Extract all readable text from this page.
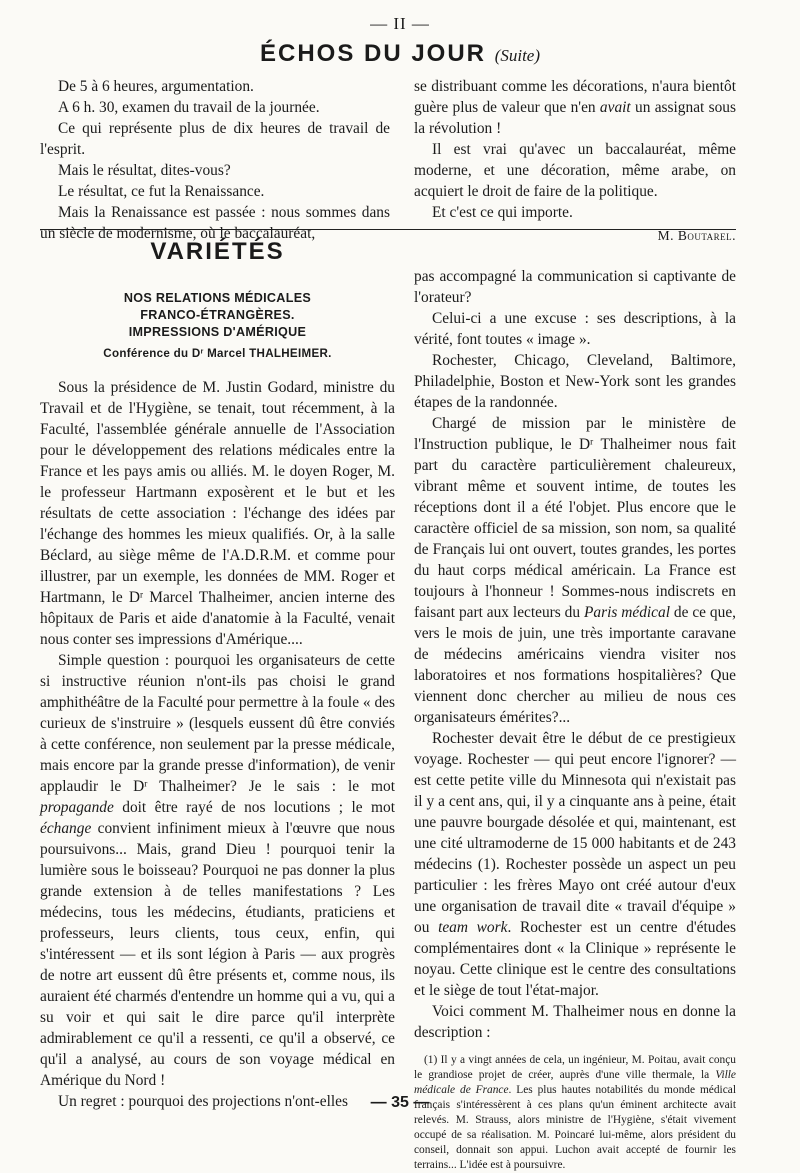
— II —
ÉCHOS DU JOUR (Suite)

De 5 à 6 heures, argumentation.

A 6 h. 30, examen du travail de la journée.

Ce qui représente plus de dix heures de travail de l'esprit.

Mais le résultat, dites-vous?

Le résultat, ce fut la Renaissance.

Mais la Renaissance est passée : nous sommes dans un siècle de modernisme, où le baccalauréat,

se distribuant comme les décorations, n'aura bientôt guère plus de valeur que n'en avait un assignat sous la révolution !

Il est vrai qu'avec un baccalauréat, même moderne, et une décoration, même arabe, on acquiert le droit de faire de la politique.

Et c'est ce qui importe.

M. Boutarel.
VARIÉTÉS
NOS RELATIONS MÉDICALES
FRANCO-ÉTRANGÈRES.
IMPRESSIONS D'AMÉRIQUE
Conférence du $D^r$ Marcel THALHEIMER.

Sous la présidence de M. Justin Godard, ministre du Travail et de l'Hygiène, se tenait, tout récemment, à la Faculté, l'assemblée générale annuelle de l'Association pour le développement des relations médicales entre la France et les pays amis ou alliés. M. le doyen Roger, M. le professeur Hartmann exposèrent et le but et les résultats de cette association : l'échange des idées par l'échange des hommes les mieux qualifiés. Or, à la salle Béclard, au siège même de l'A.D.R.M. et comme pour illustrer, par un exemple, les données de MM. Roger et Hartmann, le $D^r$ Marcel Thalheimer, ancien interne des hôpitaux de Paris et aide d'anatomie à la Faculté, venait nous conter ses impressions d'Amérique....

Simple question : pourquoi les organisateurs de cette si instructive réunion n'ont-ils pas choisi le grand amphithéâtre de la Faculté pour permettre à la foule « des curieux de s'instruire » (lesquels eussent dû être conviés à cette conférence, non seulement par la presse médicale, mais encore par la grande presse d'information), de venir applaudir le $D^r$ Thalheimer? Je le sais : le mot propagande doit être rayé de nos locutions ; le mot échange convient infiniment mieux à l'œuvre que nous poursuivons... Mais, grand Dieu ! pourquoi tenir la lumière sous le boisseau? Pourquoi ne pas donner la plus grande extension à de telles manifestations ? Les médecins, tous les médecins, étudiants, praticiens et professeurs, leurs clients, tous ceux, enfin, qui s'intéressent — et ils sont légion à Paris — aux progrès de notre art eussent dû être présents et, comme nous, ils auraient été charmés d'entendre un homme qui a vu, qui a su voir et qui sait le dire parce qu'il interprète admirablement ce qu'il a ressenti, ce qu'il a observé, ce qu'il a analysé, au cours de son voyage médical en Amérique du Nord !

Un regret : pourquoi des projections n'ont-elles

pas accompagné la communication si captivante de l'orateur?

Celui-ci a une excuse : ses descriptions, à la vérité, font toutes « image ».

Rochester, Chicago, Cleveland, Baltimore, Philadelphie, Boston et New-York sont les grandes étapes de la randonnée.

Chargé de mission par le ministère de l'Instruction publique, le $D^r$ Thalheimer nous fait part du caractère particulièrement chaleureux, vibrant même et souvent intime, de toutes les réceptions dont il a été l'objet. Plus encore que le caractère officiel de sa mission, son nom, sa qualité de Français lui ont ouvert, toutes grandes, les portes du haut corps médical américain. La France est toujours à l'honneur ! Sommes-nous indiscrets en faisant part aux lecteurs du Paris médical de ce que, vers le mois de juin, une très importante caravane de médecins américains viendra visiter nos laboratoires et nos formations hospitalières? Que viennent donc chercher au milieu de nous ces organisateurs émérites?...

Rochester devait être le début de ce prestigieux voyage. Rochester — qui peut encore l'ignorer? — est cette petite ville du Minnesota qui n'existait pas il y a cent ans, qui, il y a cinquante ans à peine, était une pauvre bourgade désolée et qui, maintenant, est une cité ultramoderne de 15 000 habitants et de 243 médecins (1). Rochester possède un aspect un peu particulier : les frères Mayo ont créé autour d'eux une organisation de travail dite « travail d'équipe » ou team work. Rochester est un centre d'études complémentaires dont « la Clinique » représente le noyau. Cette clinique est le centre des consultations et le siège de tout l'état-major.

Voici comment M. Thalheimer nous en donne la description :

(1) Il y a vingt années de cela, un ingénieur, M. Poitau, avait conçu le grandiose projet de créer, auprès d'une ville thermale, la Ville médicale de France. Les plus hautes notabilités du monde médical français s'intéressèrent à ces plans qu'un éminent architecte avait relevés. M. Strauss, alors ministre de l'Hygiène, s'était vivement occupé de sa réalisation. M. Poincaré lui-même, alors président du conseil, donnait son appui. Luchon avait accepté de fournir les terrains... L'idée est à poursuivre.
— 35 —
